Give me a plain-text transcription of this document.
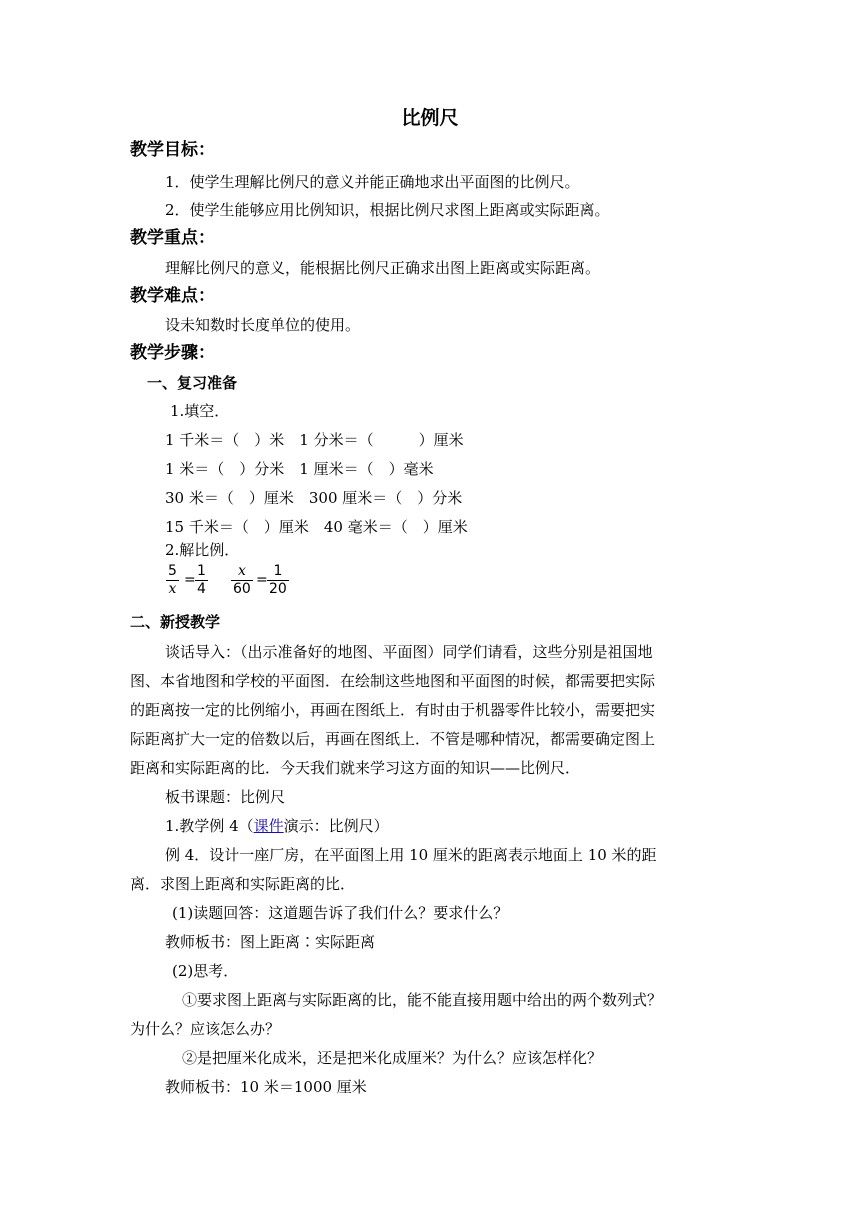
比例尺
教学目标：
1．使学生理解比例尺的意义并能正确地求出平面图的比例尺。
2．使学生能够应用比例知识，根据比例尺求图上距离或实际距离。
教学重点：
理解比例尺的意义，能根据比例尺正确求出图上距离或实际距离。
教学难点：
设未知数时长度单位的使用。
教学步骤：
一、复习准备
1.填空．
1 千米＝（　）米　1 分米＝（　　　）厘米
1 米＝（　）分米　1 厘米＝（　）毫米
30 米＝（　）厘米　300 厘米＝（　）分米
15 千米＝（　）厘米　40 毫米＝（　）厘米
2.解比例．
5
x
=
1
4
x
60
=
1
20
二、新授教学
谈话导入：（出示准备好的地图、平面图）同学们请看，这些分别是祖国地
图、本省地图和学校的平面图．在绘制这些地图和平面图的时候，都需要把实际
的距离按一定的比例缩小，再画在图纸上．有时由于机器零件比较小，需要把实
际距离扩大一定的倍数以后，再画在图纸上．不管是哪种情况，都需要确定图上
距离和实际距离的比．今天我们就来学习这方面的知识——比例尺．
板书课题：比例尺
1.教学例 4（课件演示：比例尺）
例 4．设计一座厂房，在平面图上用 10 厘米的距离表示地面上 10 米的距
离．求图上距离和实际距离的比．
(1)读题回答：这道题告诉了我们什么？要求什么？
教师板书：图上距离∶实际距离
(2)思考．
①要求图上距离与实际距离的比，能不能直接用题中给出的两个数列式？
为什么？应该怎么办？
②是把厘米化成米，还是把米化成厘米？为什么？应该怎样化？
教师板书：10 米＝1000 厘米
